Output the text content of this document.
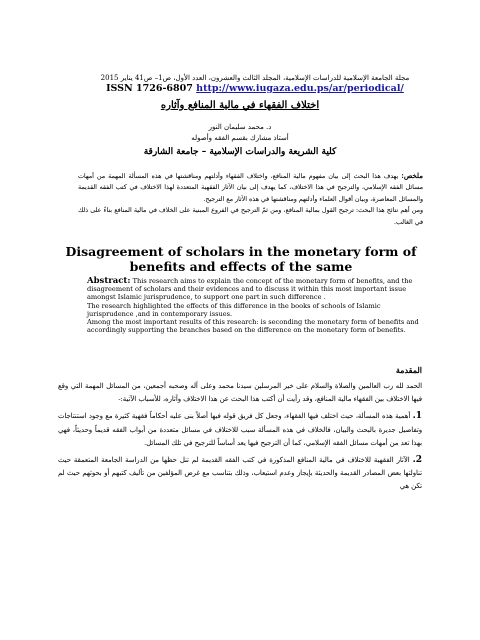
مجلة الجامعة الإسلامية للدراسات الإسلامية، المجلد الثالث والعشرون، العدد الأول، ص1– ص41 يناير 2015
ISSN 1726-6807 http://www.iugaza.edu.ps/ar/periodical/
اختلاف الفقهاء في مالية المنافع وآثاره
د. محمد سليمان النور
أستاذ مشارك بقسم الفقه وأصوله
كلية الشريعة والدراسات الإسلامية – جامعة الشارقة
ملخص: يهدف هذا البحث إلى بيان مفهوم مالية المنافع، واختلاف الفقهاء وأدلتهم ومناقشتها في هذه المسألة المهمة من أمهات مسائل الفقه الإسلامي، والترجيح في هذا الاختلاف، كما يهدف إلى بيان الآثار الفقهية المتعددة لهذا الاختلاف في كتب الفقه القديمة والمسائل المعاصرة، وبيان أقوال العلماء وأدلتهم ومناقشتها في هذه الآثار مع الترجيح.
ومن أهم نتائج هذا البحث: ترجيح القول بمالية المنافع، ومن ثمّ الترجيح في الفروع المبنية على الخلاف في مالية المنافع بناءً على ذلك في الغالب.
Disagreement of scholars in the monetary form of benefits and effects of the same

Abstract: This research aims to explain the concept of the monetary form of benefits, and the disagreement of scholars and their evidences and to discuss it within this most important issue amongst Islamic jurisprudence, to support one part in such difference .

The research highlighted the effects of this difference in the books of schools of Islamic jurisprudence ,and in contemporary issues.

Among the most important results of this research: is seconding the monetary form of benefits and accordingly supporting the branches based on the difference on the monetary form of benefits.

المقدمة

الحمد لله رب العالمين والصلاة والسلام على خير المرسلين سيدنا محمد وعلى آله وصحبه أجمعين، من المسائل المهمة التي وقع فيها الاختلاف بين الفقهاء مالية المنافع، وقد رأيت أن أكتب هذا البحث عن هذا الاختلاف وآثاره، للأسباب الآتية:-

1. أهمية هذه المسألة، حيث اختلف فيها الفقهاء، وجعل كل فريق قوله فيها أصلاً بنى عليه أحكاماً فقهية كثيرة مع وجود استنتاجات وتفاصيل جديرة بالبحث والبيان، فالخلاف في هذه المسألة سبب للاختلاف في مسائل متعددة من أبواب الفقه قديماً وحديثاً، فهي بهذا تعد من أمهات مسائل الفقه الإسلامي، كما أن الترجيح فيها يعد أساساً للترجيح في تلك المسائل.

2. الآثار الفقهية للاختلاف في مالية المنافع المذكورة في كتب الفقه القديمة لم تنل حظها من الدراسة الجامعة المتعمقة حيث تناولتها بعض المصادر القديمة والحديثة بإيجاز وعدم استيعاب، وذلك بتناسب مع غرض المؤلفين من تأليف كتبهم أو بحوثهم حيث لم تكن هي
